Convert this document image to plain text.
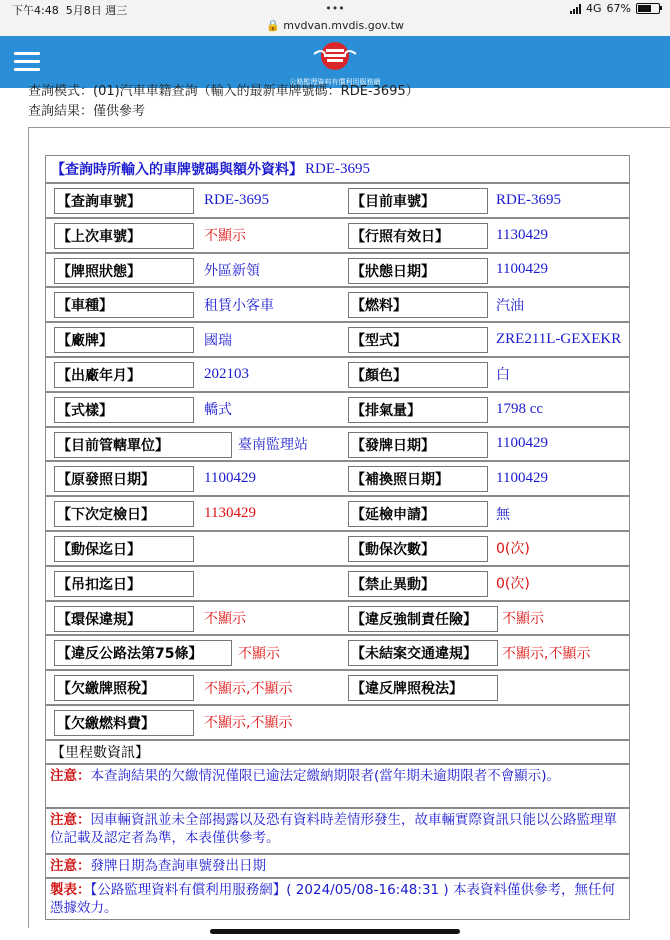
下午4:48 5月8日 週三	•••	4G 67%
🔒 mvdvan.mvdis.gov.tw
公路監理資料有償利用服務網
查詢模式：(01)汽車車籍查詢（輸入的最新車牌號碼：RDE-3695）
查詢結果：僅供參考
【查詢時所輸入的車牌號碼與額外資料】 RDE-3695
【查詢車號】	RDE-3695	【目前車號】	RDE-3695
【上次車號】	不顯示	【行照有效日】	1130429
【牌照狀態】	外區新領	【狀態日期】	1100429
【車種】	租賃小客車	【燃料】	汽油
【廠牌】	國瑞	【型式】	ZRE211L-GEXEKR
【出廠年月】	202103	【顏色】	白
【式樣】	轎式	【排氣量】	1798 cc
【目前管轄單位】	臺南監理站	【發牌日期】	1100429
【原發照日期】	1100429	【補換照日期】	1100429
【下次定檢日】	1130429	【延檢申請】	無
【動保迄日】	【動保次數】	0(次)
【吊扣迄日】	【禁止異動】	0(次)
【環保違規】	不顯示	【違反強制責任險】	不顯示
【違反公路法第75條】	不顯示	【未結案交通違規】	不顯示,不顯示
【欠繳牌照稅】	不顯示,不顯示	【違反牌照稅法】
【欠繳燃料費】	不顯示,不顯示
【里程數資訊】
注意：本查詢結果的欠繳情況僅限已逾法定繳納期限者(當年期未逾期限者不會顯示)。
注意：因車輛資訊並未全部揭露以及恐有資料時差情形發生，故車輛實際資訊只能以公路監理單位記載及認定者為準，本表僅供參考。
注意：發牌日期為查詢車號發出日期
製表：【公路監理資料有償利用服務網】( 2024/05/08-16:48:31 ) 本表資料僅供參考，無任何憑據效力。
